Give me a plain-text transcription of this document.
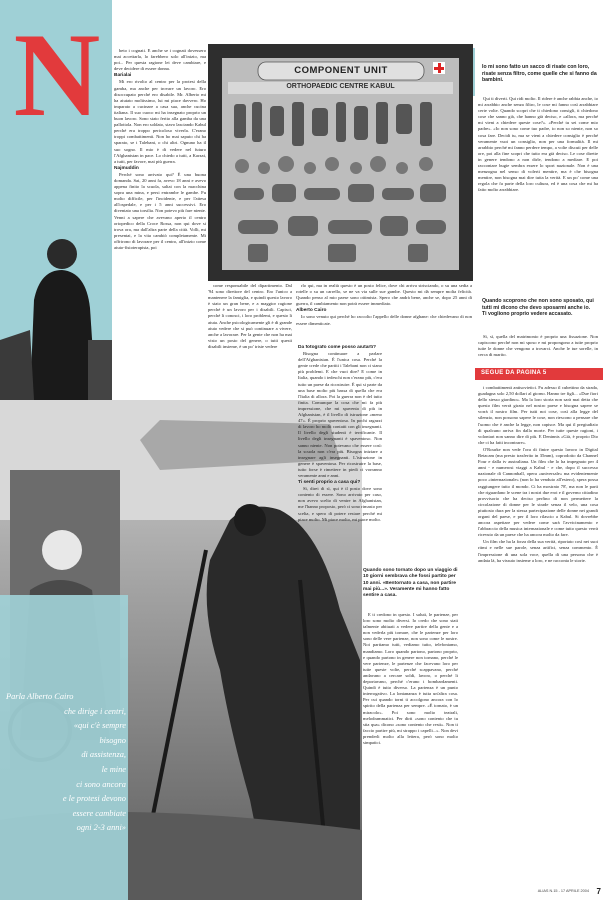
N	COMPONENT UNIT
ORTHOPAEDIC CENTRE KABUL
Parla Alberto Cairo
che dirige i centri,
«qui c'è sempre
bisogno
di assistenza,
le mine
ci sono ancora
e le protesi devono
essere cambiate
ogni 2-3 anni»

beto i cognati. E anche se i cognati dovessero mai accettarla, lo farebbero solo all'inizio, ma poi... Per questa ragione lei deve cambiare, e deve decidere di essere donna.

Barialai

Mi ero rivolto al centro per la protesi della gamba, ma anche per trovare un lavoro. Ero disoccupato perché ero disabile. Mr. Alberto mi ha aiutato moltissimo, lui mi piace davvero. Ho imparato a cucinare a casa sua, anche cucina italiana. Il suo cuoco mi ha insegnato proprio un buon lavoro. Sono stato ferito alla gamba da una pallottola. Non ero soldato, stavo lasciando Kabul perché era troppo pericoloso viverla. C'erano troppi combattimenti. Non ho mai saputo chi ha sparato, se i Talebani, o chi altri. Ognuno ha il suo sogno. Il mio è di vedere nel futuro l'Afghanistan in pace. Lo chiedo a tutti, a Karzai, a tutti, per favore, mai più guerra.

Najmuddin

Perché sono arrivato qui? È una buona domanda. Sai, 20 anni fa, avevo 18 anni e avevo appena finito la scuola, saltai con la macchina sopra una mina, e persi entrambe le gambe. Fu molto difficile, per l'incidente, e per l'attesa all'ospedale, e per i 5 anni successivi. Ero diventato una torsilia. Non potevo più fare niente. Venni a sapere che avevano aperto il centro ortopedico della Croce Rossa, non qui dove si trova ora, ma dall'altra parte della città. Volli, mi presentai, e la vita cambiò completamente. Mi offrirono di lavorare per il centro, all'inizio come aiuto-fisioterapista, poi

come responsabile del dipartimento. Dal '94 sono direttore del centro. Ero l'unico a mantenere la famiglia, e quindi questo lavoro è stato un gran bene, e a maggior ragione perché è un lavoro per i disabili. Capisci, perché li conosci, i loro problemi, e questo li aiuta. Anche psicologicamente gli è di grande aiuto vedere che si può continuare a vivere, anche a lavorare. Per la gente che non ha mai visto un posto del genere, o tutti questi disabili insieme, è un po' triste vedere

rlo qui, ma in realtà questo è un posto felice, dove chi arriva strisciando, o su una sedia a rotelle o su un carrello, se ne va via sulle sue gambe. Questo mi dà sempre molta felicità. Quando penso al mio paese sono ottimista. Spero che andrà bene, anche se, dopo 25 anni di guerra, il cambiamento non potrà essere immediato.

Alberto Cairo

Io sono venuto qui perché ho raccolto l'appello delle donne afghane: che chiedevano di non essere dimenticate.

Da fotografo come posso aiutarti?

Bisogna continuare a parlare dell'Afghanistan. È l'unica cosa. Perché la gente crede che partiti i Talebani non ci siano più problemi. E che vuoi dire? E come in Italia, quando i tedeschi non c'erano più, c'era tutto un paese da ricostruire. È qui si parte da una base molto più bassa di quella che era l'Italia di allora. Poi la guerra non è del tutto finita. Comunque la cosa che mi fa più impressione, che mi spaventa di più in Afghanistan, è il livello di istruzione «meno 47». È proprio spaventoso. In pochi ragazzi di lavoro ho molti contatti con gli insegnanti. Il livello degli studenti è terrificante. Il livello degli insegnanti è spaventoso. Non sanno niente. Non potevano che essere così: la scuola non c'era più. Bisogna iniziare a insegnare agli insegnanti. L'istruzione in genere è spaventosa. Per ricostruire la base, tutto forse è rimettere in piedi ci vorranno veramente anni e anni.

Ti senti proprio a casa qui?

Sì, direi di sì, qui è il posto dove sono contento di essere. Sono arrivato per caso, non avevo scelto di venire in Afghanistan, me l'hanno proposto, però ci sono rimasto per scelta, e spero di potere restare perché mi piace molto. Mi piace molto, mi piace molto.

Quando sono tornato dopo un viaggio di 10 giorni sembrava che fossi partito per 10 anni. «Bentornato a casa, non partire mai più...». Veramente mi hanno fatto sentire a casa.

E ti credono in questo. I saluti, le partenze, per loro sono molto diversi. Io credo che sono stati talmente abituati a vedere partire della gente e a non vederla più tornare, che le partenze per loro sono delle vere partenze, non sono come le nostre. Noi partiamo tutti, vediamo tutto, telefoniamo, mandiamo. Loro quando partono, partono proprio, e quando partono in genere non tornano, perché le vere partenze, le partenze che facevano loro per tutte queste volte, perché scappavano, perché andavano a cercare soldi, lavoro, o perché li deportavano, perché c'erano i bombardamenti. Quindi è tutto diverso. La partenza è un punto interrogativo. La lontananza è tutta un'altra cosa. Per cui quando torni ti accolgono ancora con lo spirito della partenza per sempre. «È tornato, è un miracolo». Poi sono molto teatrali, melodrammatici. Per dirti «sono contento che tu stia qua» dicono «sono contento che resti». Non ti faccio partire più, mi strappo i capelli...». Non devi prenderli molto alla lettera, però sono molto simpatici.

Io mi sono fatto un sacco di risate con loro, risate senza filtro, come quelle che si fanno da bambini.

Qui ti diverti. Qui ridi molto. Il ridere è anche rabbia anche, io mi arrabbio anche senza filtro, le cose mi fanno così arrabbiare certe volte. Quando scopri che ti chiedono consigli, ti chiedono cose che sanno già, che hanno già deciso, e «allora, ma perché mi vieni a chiedere queste cose?». «Perché tu sei come mio padre». «Io non sono come tuo padre, io non so niente, non so cosa fare. Decidi tu, ma se vieni a chiedere consiglio è perché veramente vuoi un consiglio, non per una formalità. Il mi arrabbio perché mi fanno perdere tempo, a volte discuti per delle ore, poi alla fine scopri che tutto era già deciso. Le cose dirette in genere tendono a non dirle, tendono a mediare. E poi raccontare bugie sembra essere lo sport nazionale. Non è una menzogna nel senso di volerti mentire, ma è che bisogna mentire, non bisogna mai dire tutta la verità. E un po' come una regola che fa parte della loro cultura, ed è una cosa che mi ha fatto molto arrabbiare.

Quando scoprono che non sono sposato, qui tutti mi dicono che devo sposarmi anche io. Ti vogliono proprio vedere accasato.

Sì, sì, quella del matrimonio è proprio una fissazione. Non capiscono perché non mi sposo e mi propongono a tutte proprio tutte le donne che vengono a trovarci. Anche le tue sorelle, in cerca di marito.

SEGUE DA PAGINA 5

i combattimenti antisovietici. Fu adesso il cubettino da strada, guadagna solo 2,50 dollari al giorno. Hanno tre figli... «Due fiori dello stesso giardino». Ma la loro storia non sarà mai detta che questo film verrà girato nel nostro paese e bisogna sapere se vorrà il nostro film. Per tutti noi cose, così alla legge del silenzio, non possono sapere le cose, non riescono a pensare che l'uomo che è anche la legge, non capisce. Ma qui il pregiudizio di qualcuno arriva fin dalla morte. Per tutte queste ragioni, i volontari non sanno dire di più. E Deninnis «Già, è proprio Dio che ci ha fatti incontrare».

O'Rourke non vede l'ora di finire questo lavoro in Digital Betacam (ma presto trasferito in 35mm), coprodotto da Channel Four e dalla tv australiana. Un film che lo ha impegnato per 4 anni - e numerosi viaggi a Kabul - e che, dopo il successo nazionale di Cannonball, opera «universale» ma evidentemente poco «internazionale» (non lo ha venduto all'estero), spera possa raggiungere tutto il mondo. Ci ha mostrato 78', ma non le parti che riguardano le scene tra i nostri due eroi e il governo cittadino provvisorio che ha deciso perfino di non permettere la circolazione di donne per le strade senza il velo, una cosa piuttosto dura per la stessa partecipazione delle donne nei grandi organi del paese, e per il loro rilascio a Kabul. Si dovrebbe ancora aspettare per vedere come sarà l'avvicinamento e l'abbraccio della musica internazionale e come tutto questo verrà ricevuto da un paese che ha ancora molto da fare.

Un film che ha la forza della sua verità, riportato così nei suoi ritmi e nelle sue parole, senza artifici, senza commento. È l'impressione di una sola voce, quella di una persona che è andata là, ha vissuto insieme a loro, e ne racconta le storie.

ALIAS N.15 - 17 APRILE 2004 7
